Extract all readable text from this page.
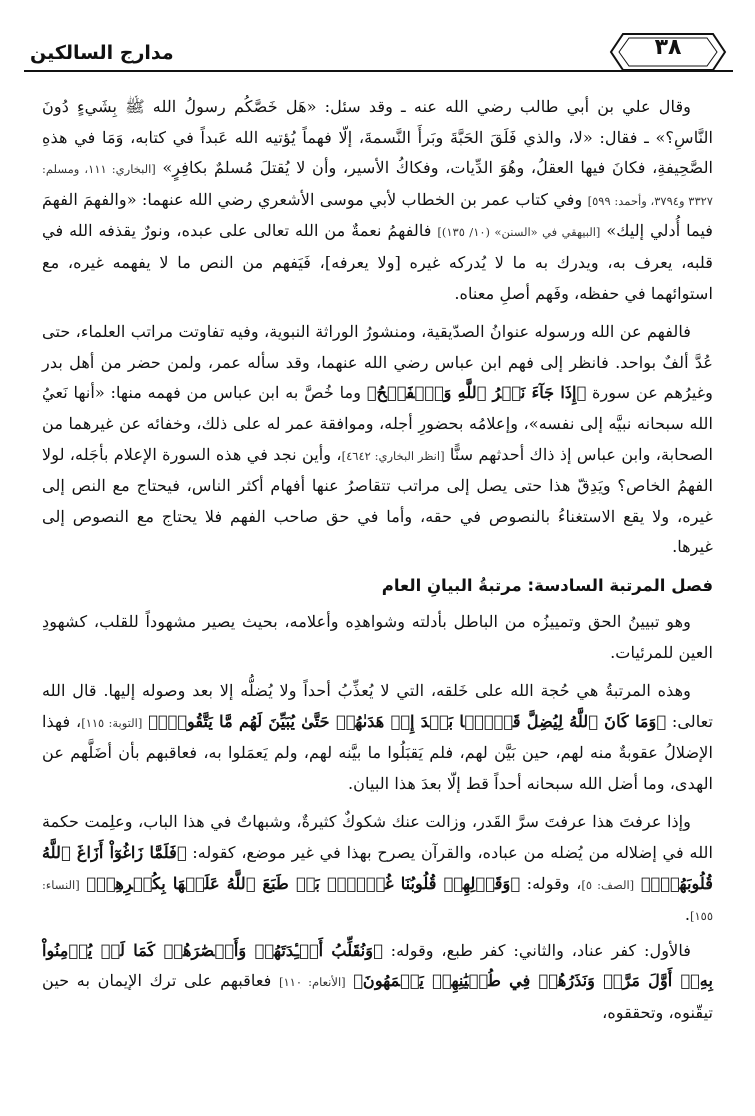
مدارج السالكين	٣٨

وقال علي بن أبي طالب رضي الله عنه ـ وقد سئل: «هَل خَصَّكُم رسولُ الله ﷺ بِشَيءٍ دُونَ النَّاسِ؟» ـ فقال: «لا، والذي فَلَقَ الحَبَّةَ وبَرأَ النَّسمةَ، إلّا فهماً يُؤتيه الله عَبداً في كتابه، وَمَا في هذهِ الصَّحِيفةِ، فكانَ فيها العقلُ، وهُوَ الدِّيات، وفكاكُ الأسير، وأن لا يُقتلَ مُسلمٌ بكافِرٍ» [البخاري: ١١١، ومسلم: ٣٣٢٧ و٣٧٩٤، وأحمد: ٥٩٩] وفي كتاب عمر بن الخطاب لأبي موسى الأشعري رضي الله عنهما: «والفهمَ الفهمَ فيما أُدلي إليك» [البيهقي في «السنن» (١٠/ ١٣٥)] فالفهمُ نعمةٌ من الله تعالى على عبده، ونورٌ يقذفه الله في قلبه، يعرف به، ويدرك به ما لا يُدركه غيره [ولا يعرفه]، فَيَفهم من النص ما لا يفهمه غيره، مع استوائهما في حفظه، وفَهم أصلِ معناه.

فالفهم عن الله ورسوله عنوانُ الصدّيقية، ومنشورُ الوراثة النبوية، وفيه تفاوتت مراتب العلماء، حتى عُدَّ ألفٌ بواحد. فانظر إلى فهم ابن عباس رضي الله عنهما، وقد سأله عمر، ولمن حضر من أهل بدر وغيرُهم عن سورة ﴿إِذَا جَآءَ نَصۡرُ ٱللَّهِ وَٱلۡفَتۡحُ﴾ وما خُصَّ به ابن عباس من فهمه منها: «أنها نَعيُ الله سبحانه نبيَّه إلى نفسه»، وإعلامُه بحضورِ أجله، وموافقة عمر له على ذلك، وخفائه عن غيرهما من الصحابة، وابن عباس إذ ذاك أحدثهم سنًّا [انظر البخاري: ٤٦٤٢]، وأين نجد في هذه السورة الإعلام بأجَله، لولا الفهمُ الخاص؟ ويَدِقّ هذا حتى يصل إلى مراتب تتقاصرُ عنها أفهام أكثر الناس، فيحتاج مع النص إلى غيره، ولا يقع الاستغناءُ بالنصوص في حقه، وأما في حق صاحب الفهم فلا يحتاج مع النصوص إلى غيرها.

فصل المرتبة السادسة: مرتبةُ البيانِ العام

وهو تبيينُ الحق وتمييزُه من الباطل بأدلته وشواهدِه وأعلامه، بحيث يصير مشهوداً للقلب، كشهودِ العين للمرئيات.

وهذه المرتبةُ هي حُجة الله على خَلقه، التي لا يُعذِّبُ أحداً ولا يُضلُّه إلا بعد وصوله إليها. قال الله تعالى: ﴿وَمَا كَانَ ٱللَّهُ لِيُضِلَّ قَوۡمَۢا بَعۡدَ إِذۡ هَدَىٰهُمۡ حَتَّىٰ يُبَيِّنَ لَهُم مَّا يَتَّقُونَۚ﴾ [التوبة: ١١٥]، فهذا الإضلالُ عقوبةٌ منه لهم، حين بَيَّن لهم، فلم يَقبَلُوا ما بيَّنه لهم، ولم يَعمَلوا به، فعاقبهم بأن أضَلَّهم عن الهدى، وما أضل الله سبحانه أحداً قط إلّا بعدَ هذا البيان.

وإذا عرفتَ هذا عرفتَ سرَّ القَدر، وزالت عنك شكوكٌ كثيرةٌ، وشبهاتٌ في هذا الباب، وعلِمت حكمة الله في إضلاله من يُضله من عباده، والقرآن يصرح بهذا في غير موضع، كقوله: ﴿فَلَمَّا زَاغُوٓاْ أَزَاغَ ٱللَّهُ قُلُوبَهُمۡۚ﴾ [الصف: ٥]، وقوله: ﴿وَقَوۡلِهِمۡ قُلُوبُنَا غُلۡفُۢۚ بَلۡ طَبَعَ ٱللَّهُ عَلَيۡهَا بِكُفۡرِهِمۡ﴾ [النساء: ١٥٥].

فالأول: كفر عناد، والثاني: كفر طبع، وقوله: ﴿وَنُقَلِّبُ أَفۡـِٔدَتَهُمۡ وَأَبۡصَٰرَهُمۡ كَمَا لَمۡ يُؤۡمِنُواْ بِهِۦٓ أَوَّلَ مَرَّةٖ وَنَذَرُهُمۡ فِي طُغۡيَٰنِهِمۡ يَعۡمَهُونَ﴾ [الأنعام: ١١٠] فعاقبهم على ترك الإيمان به حين تيقّنوه، وتحققوه،
